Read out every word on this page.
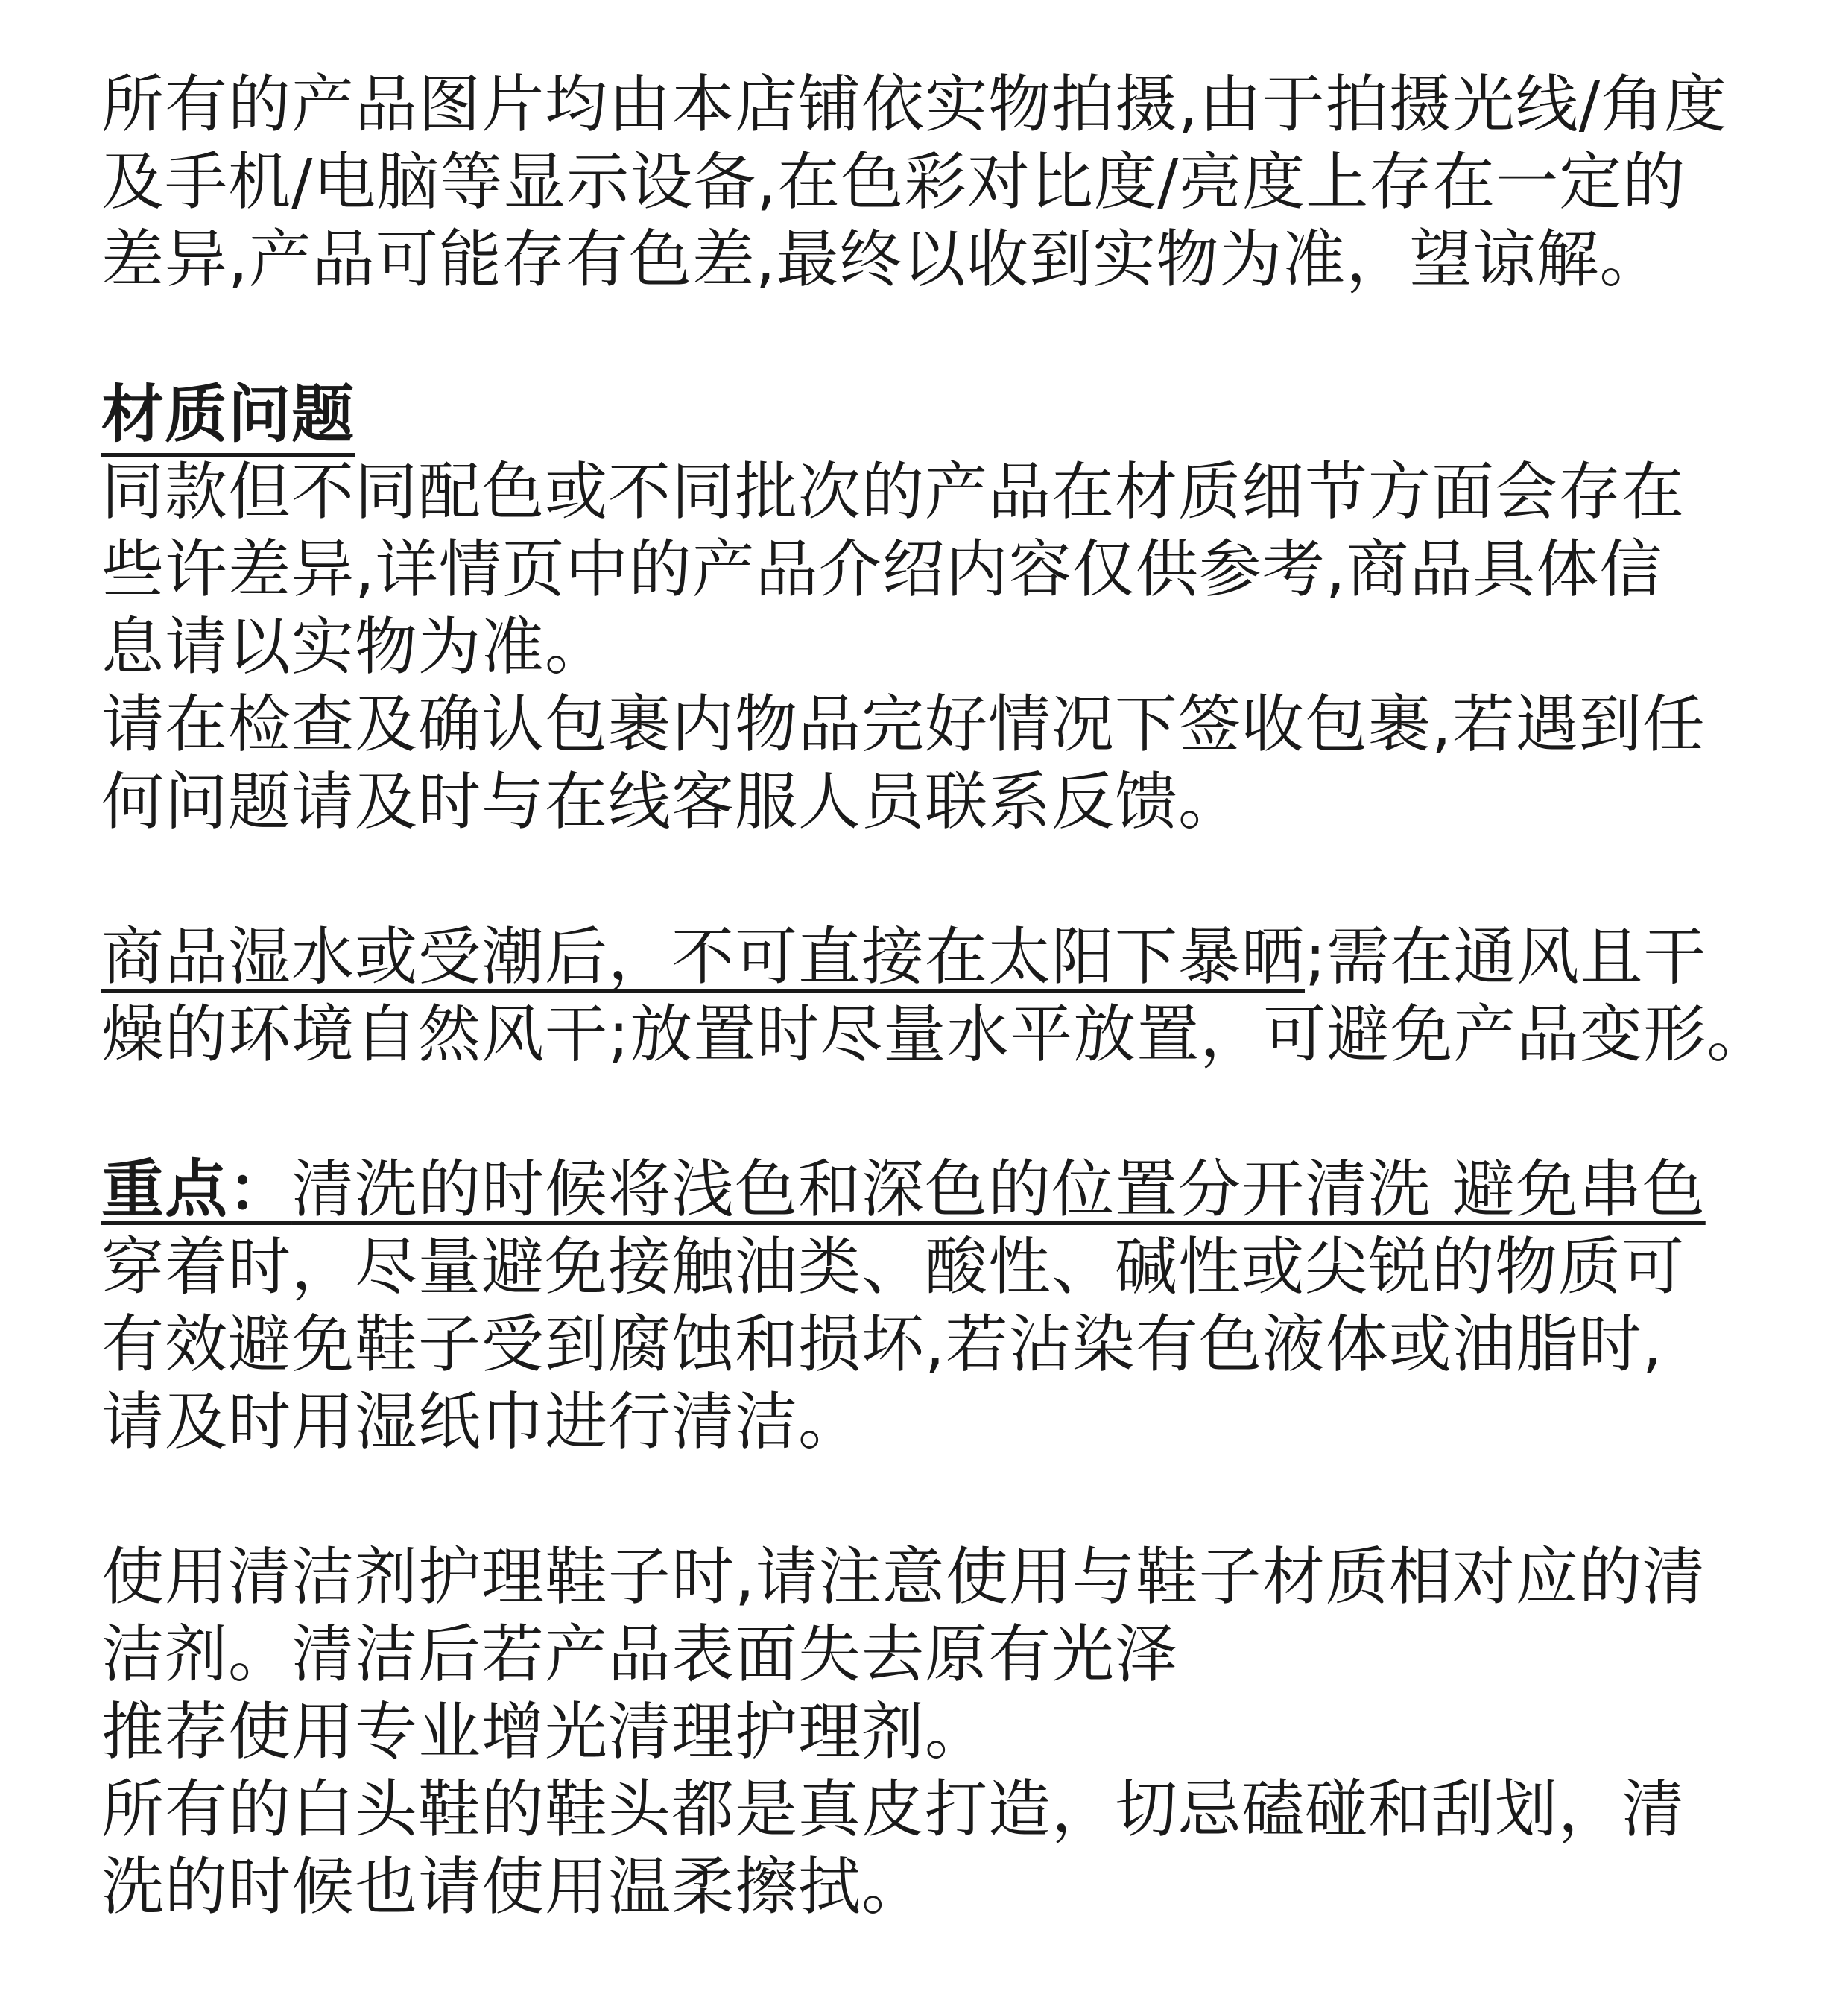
所有的产品图片均由本店铺依实物拍摄,由于拍摄光线/角度
及手机/电脑等显示设备,在色彩对比度/亮度上存在一定的
差异,产品可能存有色差,最终以收到实物为准，望谅解。
材质问题
同款但不同配色或不同批次的产品在材质细节方面会存在
些许差异,详情页中的产品介绍内容仅供参考,商品具体信
息请以实物为准。
请在检查及确认包裹内物品完好情况下签收包裹,若遇到任
何问题请及时与在线客服人员联系反馈。
商品湿水或受潮后，不可直接在太阳下暴晒;需在通风且干
燥的环境自然风干;放置时尽量水平放置，可避免产品变形。
重点：清洗的时候将浅色和深色的位置分开清洗 避免串色
穿着时，尽量避免接触油类、酸性、碱性或尖锐的物质可
有效避免鞋子受到腐蚀和损坏,若沾染有色液体或油脂时,
请及时用湿纸巾进行清洁。
使用清洁剂护理鞋子时,请注意使用与鞋子材质相对应的清
洁剂。清洁后若产品表面失去原有光泽
推荐使用专业增光清理护理剂。
所有的白头鞋的鞋头都是真皮打造，切忌磕碰和刮划，清
洗的时候也请使用温柔擦拭。
